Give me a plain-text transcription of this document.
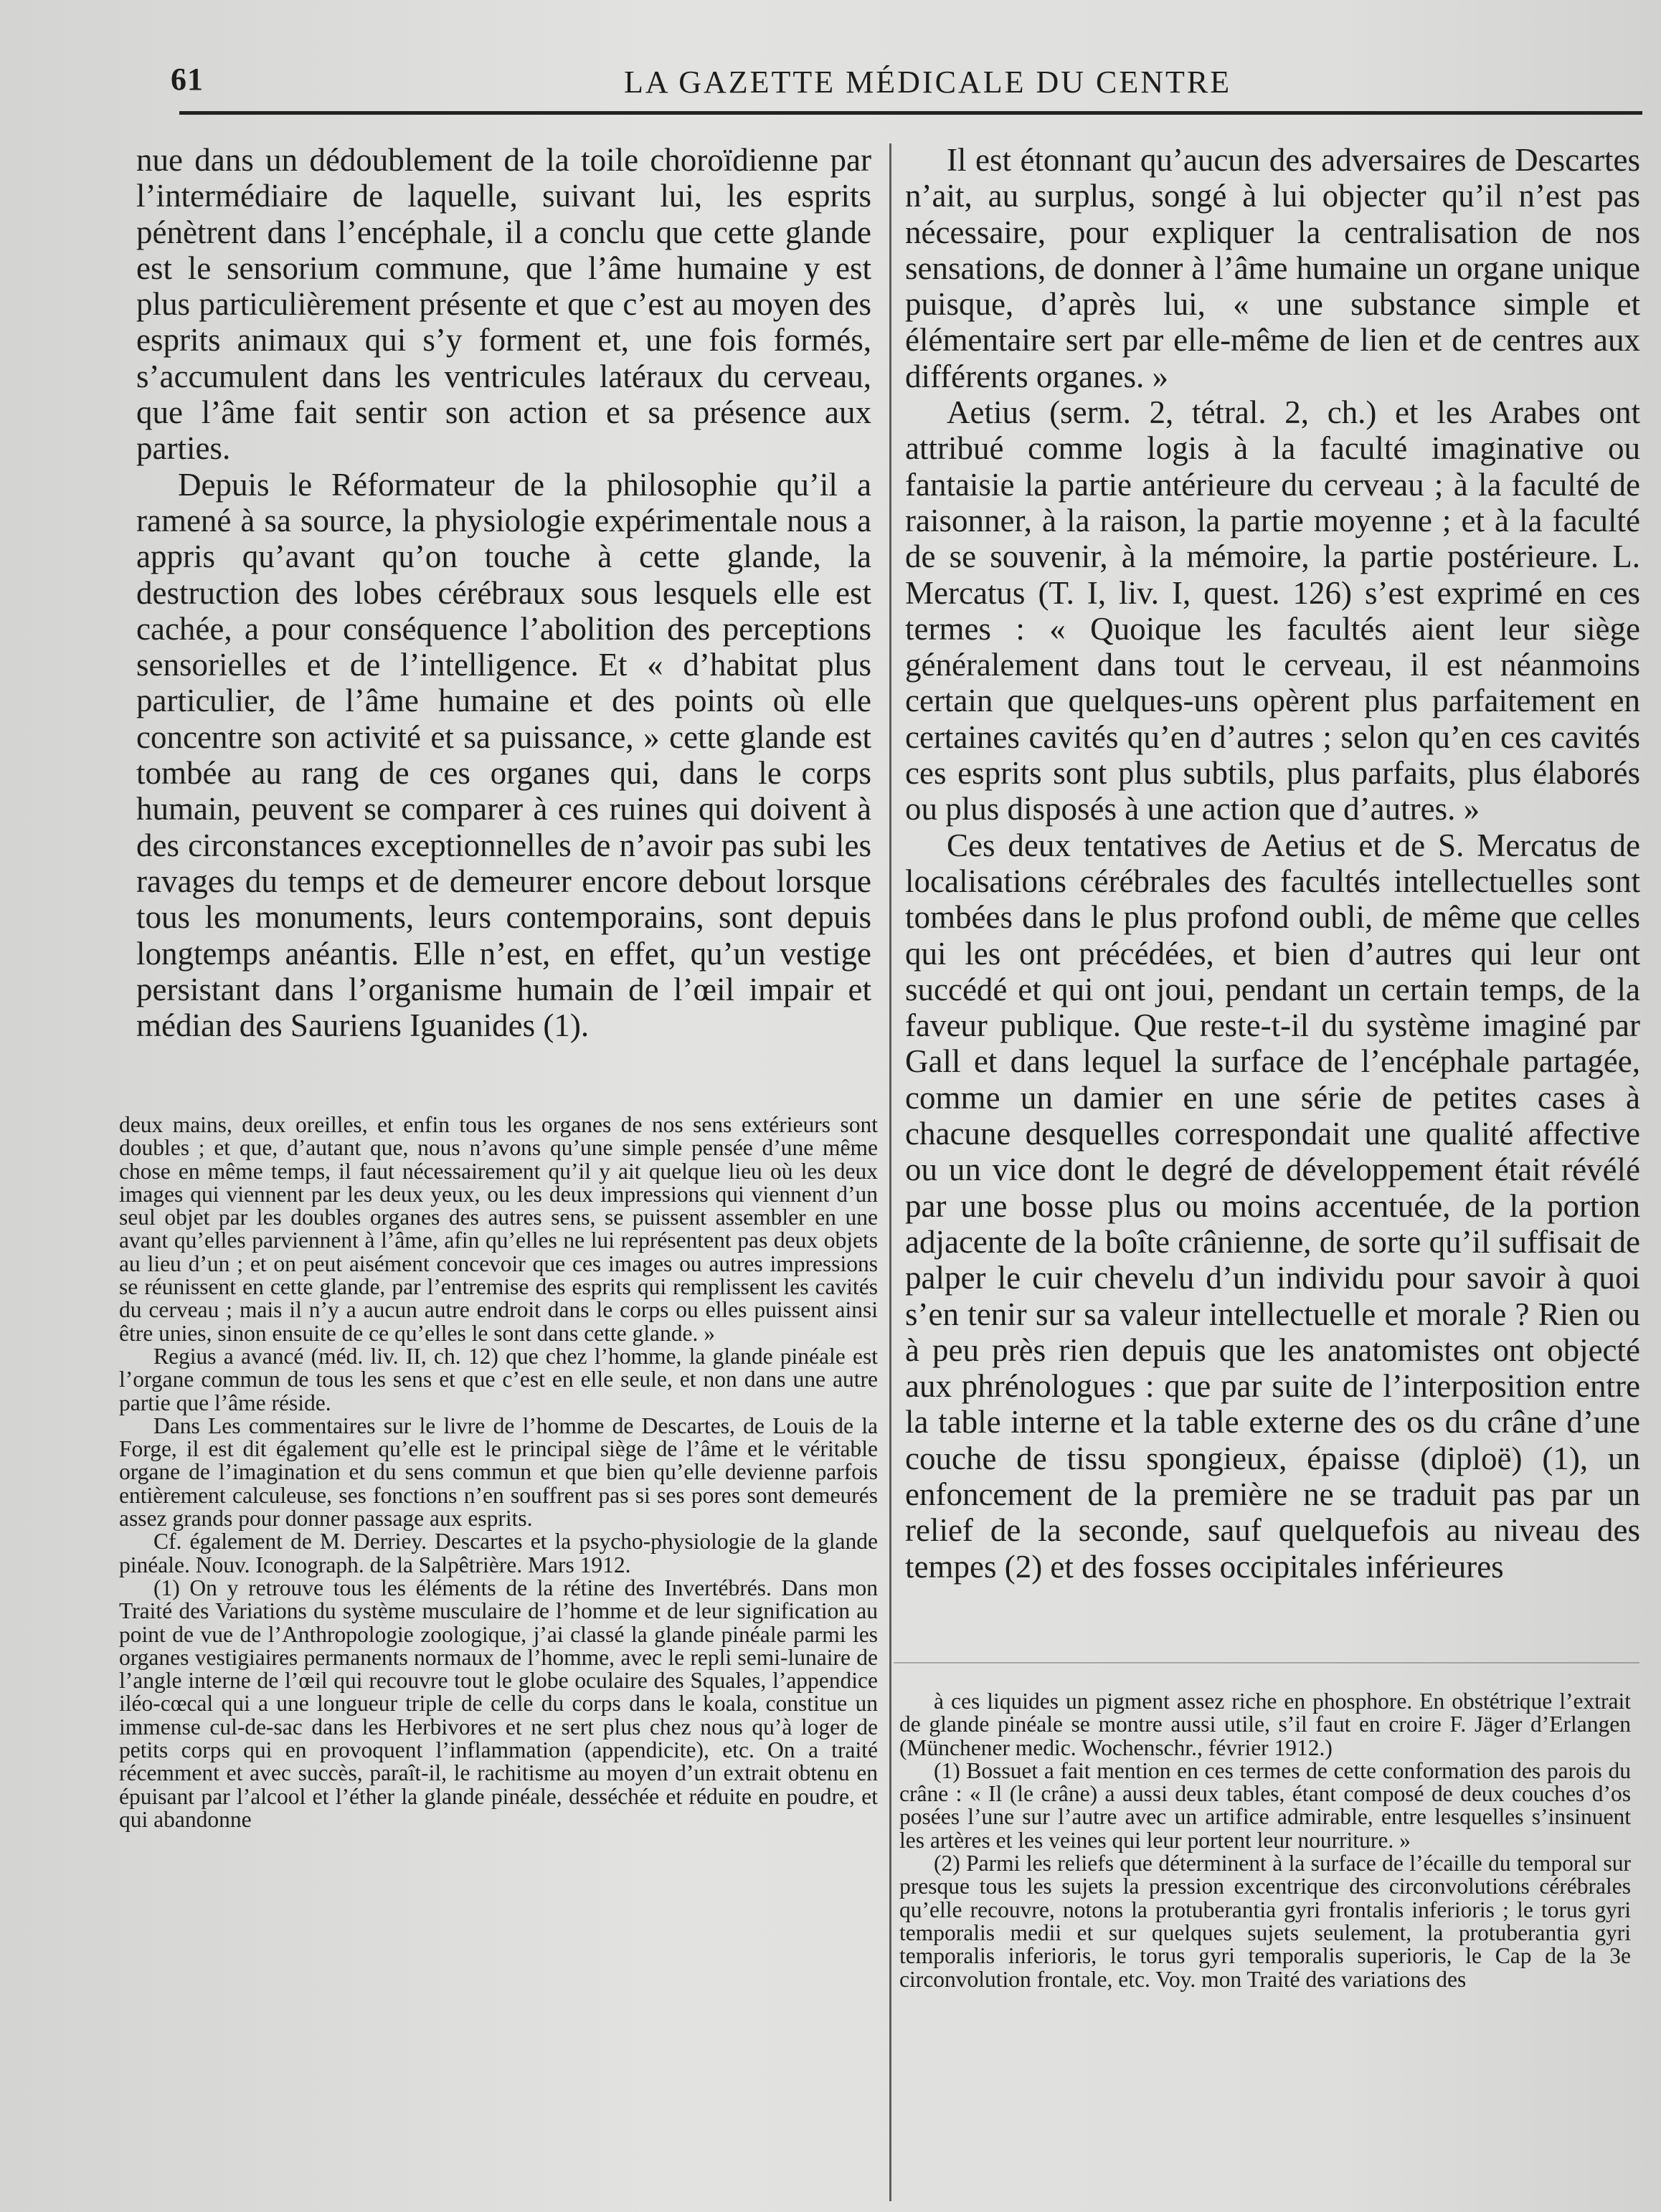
61	LA GAZETTE MÉDICALE DU CENTRE

nue dans un dédoublement de la toile choroïdienne par l’intermédiaire de laquelle, suivant lui, les esprits pénètrent dans l’encéphale, il a conclu que cette glande est le sensorium commune, que l’âme humaine y est plus particulièrement présente et que c’est au moyen des esprits animaux qui s’y forment et, une fois formés, s’accumulent dans les ventricules latéraux du cerveau, que l’âme fait sentir son action et sa présence aux parties.

Depuis le Réformateur de la philosophie qu’il a ramené à sa source, la physiologie expérimentale nous a appris qu’avant qu’on touche à cette glande, la destruction des lobes cérébraux sous lesquels elle est cachée, a pour conséquence l’abolition des perceptions sensorielles et de l’intelligence. Et « d’habitat plus particulier, de l’âme humaine et des points où elle concentre son activité et sa puissance, » cette glande est tombée au rang de ces organes qui, dans le corps humain, peuvent se comparer à ces ruines qui doivent à des circonstances exceptionnelles de n’avoir pas subi les ravages du temps et de demeurer encore debout lorsque tous les monuments, leurs contemporains, sont depuis longtemps anéantis. Elle n’est, en effet, qu’un vestige persistant dans l’organisme humain de l’œil impair et médian des Sauriens Iguanides (1).

deux mains, deux oreilles, et enfin tous les organes de nos sens extérieurs sont doubles ; et que, d’autant que, nous n’avons qu’une simple pensée d’une même chose en même temps, il faut nécessairement qu’il y ait quelque lieu où les deux images qui viennent par les deux yeux, ou les deux impressions qui viennent d’un seul objet par les doubles organes des autres sens, se puissent assembler en une avant qu’elles parviennent à l’âme, afin qu’elles ne lui représentent pas deux objets au lieu d’un ; et on peut aisément concevoir que ces images ou autres impressions se réunissent en cette glande, par l’entremise des esprits qui remplissent les cavités du cerveau ; mais il n’y a aucun autre endroit dans le corps ou elles puissent ainsi être unies, sinon ensuite de ce qu’elles le sont dans cette glande. »

Regius a avancé (méd. liv. II, ch. 12) que chez l’homme, la glande pinéale est l’organe commun de tous les sens et que c’est en elle seule, et non dans une autre partie que l’âme réside.

Dans Les commentaires sur le livre de l’homme de Descartes, de Louis de la Forge, il est dit également qu’elle est le principal siège de l’âme et le véritable organe de l’imagination et du sens commun et que bien qu’elle devienne parfois entièrement calculeuse, ses fonctions n’en souffrent pas si ses pores sont demeurés assez grands pour donner passage aux esprits.

Cf. également de M. Derriey. Descartes et la psycho-physiologie de la glande pinéale. Nouv. Iconograph. de la Salpêtrière. Mars 1912.

(1) On y retrouve tous les éléments de la rétine des Invertébrés. Dans mon Traité des Variations du système musculaire de l’homme et de leur signification au point de vue de l’Anthropologie zoologique, j’ai classé la glande pinéale parmi les organes vestigiaires permanents normaux de l’homme, avec le repli semi-lunaire de l’angle interne de l’œil qui recouvre tout le globe oculaire des Squales, l’appendice iléo-cœcal qui a une longueur triple de celle du corps dans le koala, constitue un immense cul-de-sac dans les Herbivores et ne sert plus chez nous qu’à loger de petits corps qui en provoquent l’inflammation (appendicite), etc. On a traité récemment et avec succès, paraît-il, le rachitisme au moyen d’un extrait obtenu en épuisant par l’alcool et l’éther la glande pinéale, desséchée et réduite en poudre, et qui abandonne

Il est étonnant qu’aucun des adversaires de Descartes n’ait, au surplus, songé à lui objecter qu’il n’est pas nécessaire, pour expliquer la centralisation de nos sensations, de donner à l’âme humaine un organe unique puisque, d’après lui, « une substance simple et élémentaire sert par elle-même de lien et de centres aux différents organes. »

Aetius (serm. 2, tétral. 2, ch.) et les Arabes ont attribué comme logis à la faculté imaginative ou fantaisie la partie antérieure du cerveau ; à la faculté de raisonner, à la raison, la partie moyenne ; et à la faculté de se souvenir, à la mémoire, la partie postérieure. L. Mercatus (T. I, liv. I, quest. 126) s’est exprimé en ces termes : « Quoique les facultés aient leur siège généralement dans tout le cerveau, il est néanmoins certain que quelques-uns opèrent plus parfaitement en certaines cavités qu’en d’autres ; selon qu’en ces cavités ces esprits sont plus subtils, plus parfaits, plus élaborés ou plus disposés à une action que d’autres. »

Ces deux tentatives de Aetius et de S. Mercatus de localisations cérébrales des facultés intellectuelles sont tombées dans le plus profond oubli, de même que celles qui les ont précédées, et bien d’autres qui leur ont succédé et qui ont joui, pendant un certain temps, de la faveur publique. Que reste-t-il du système imaginé par Gall et dans lequel la surface de l’encéphale partagée, comme un damier en une série de petites cases à chacune desquelles correspondait une qualité affective ou un vice dont le degré de développement était révélé par une bosse plus ou moins accentuée, de la portion adjacente de la boîte crânienne, de sorte qu’il suffisait de palper le cuir chevelu d’un individu pour savoir à quoi s’en tenir sur sa valeur intellectuelle et morale ? Rien ou à peu près rien depuis que les anatomistes ont objecté aux phrénologues : que par suite de l’interposition entre la table interne et la table externe des os du crâne d’une couche de tissu spongieux, épaisse (diploë) (1), un enfoncement de la première ne se traduit pas par un relief de la seconde, sauf quelquefois au niveau des tempes (2) et des fosses occipitales inférieures

à ces liquides un pigment assez riche en phosphore. En obstétrique l’extrait de glande pinéale se montre aussi utile, s’il faut en croire F. Jäger d’Erlangen (Münchener medic. Wochenschr., février 1912.)

(1) Bossuet a fait mention en ces termes de cette conformation des parois du crâne : « Il (le crâne) a aussi deux tables, étant composé de deux couches d’os posées l’une sur l’autre avec un artifice admirable, entre lesquelles s’insinuent les artères et les veines qui leur portent leur nourriture. »

(2) Parmi les reliefs que déterminent à la surface de l’écaille du temporal sur presque tous les sujets la pression excentrique des circonvolutions cérébrales qu’elle recouvre, notons la protuberantia gyri frontalis inferioris ; le torus gyri temporalis medii et sur quelques sujets seulement, la protuberantia gyri temporalis inferioris, le torus gyri temporalis superioris, le Cap de la 3e circonvolution frontale, etc. Voy. mon Traité des variations des
